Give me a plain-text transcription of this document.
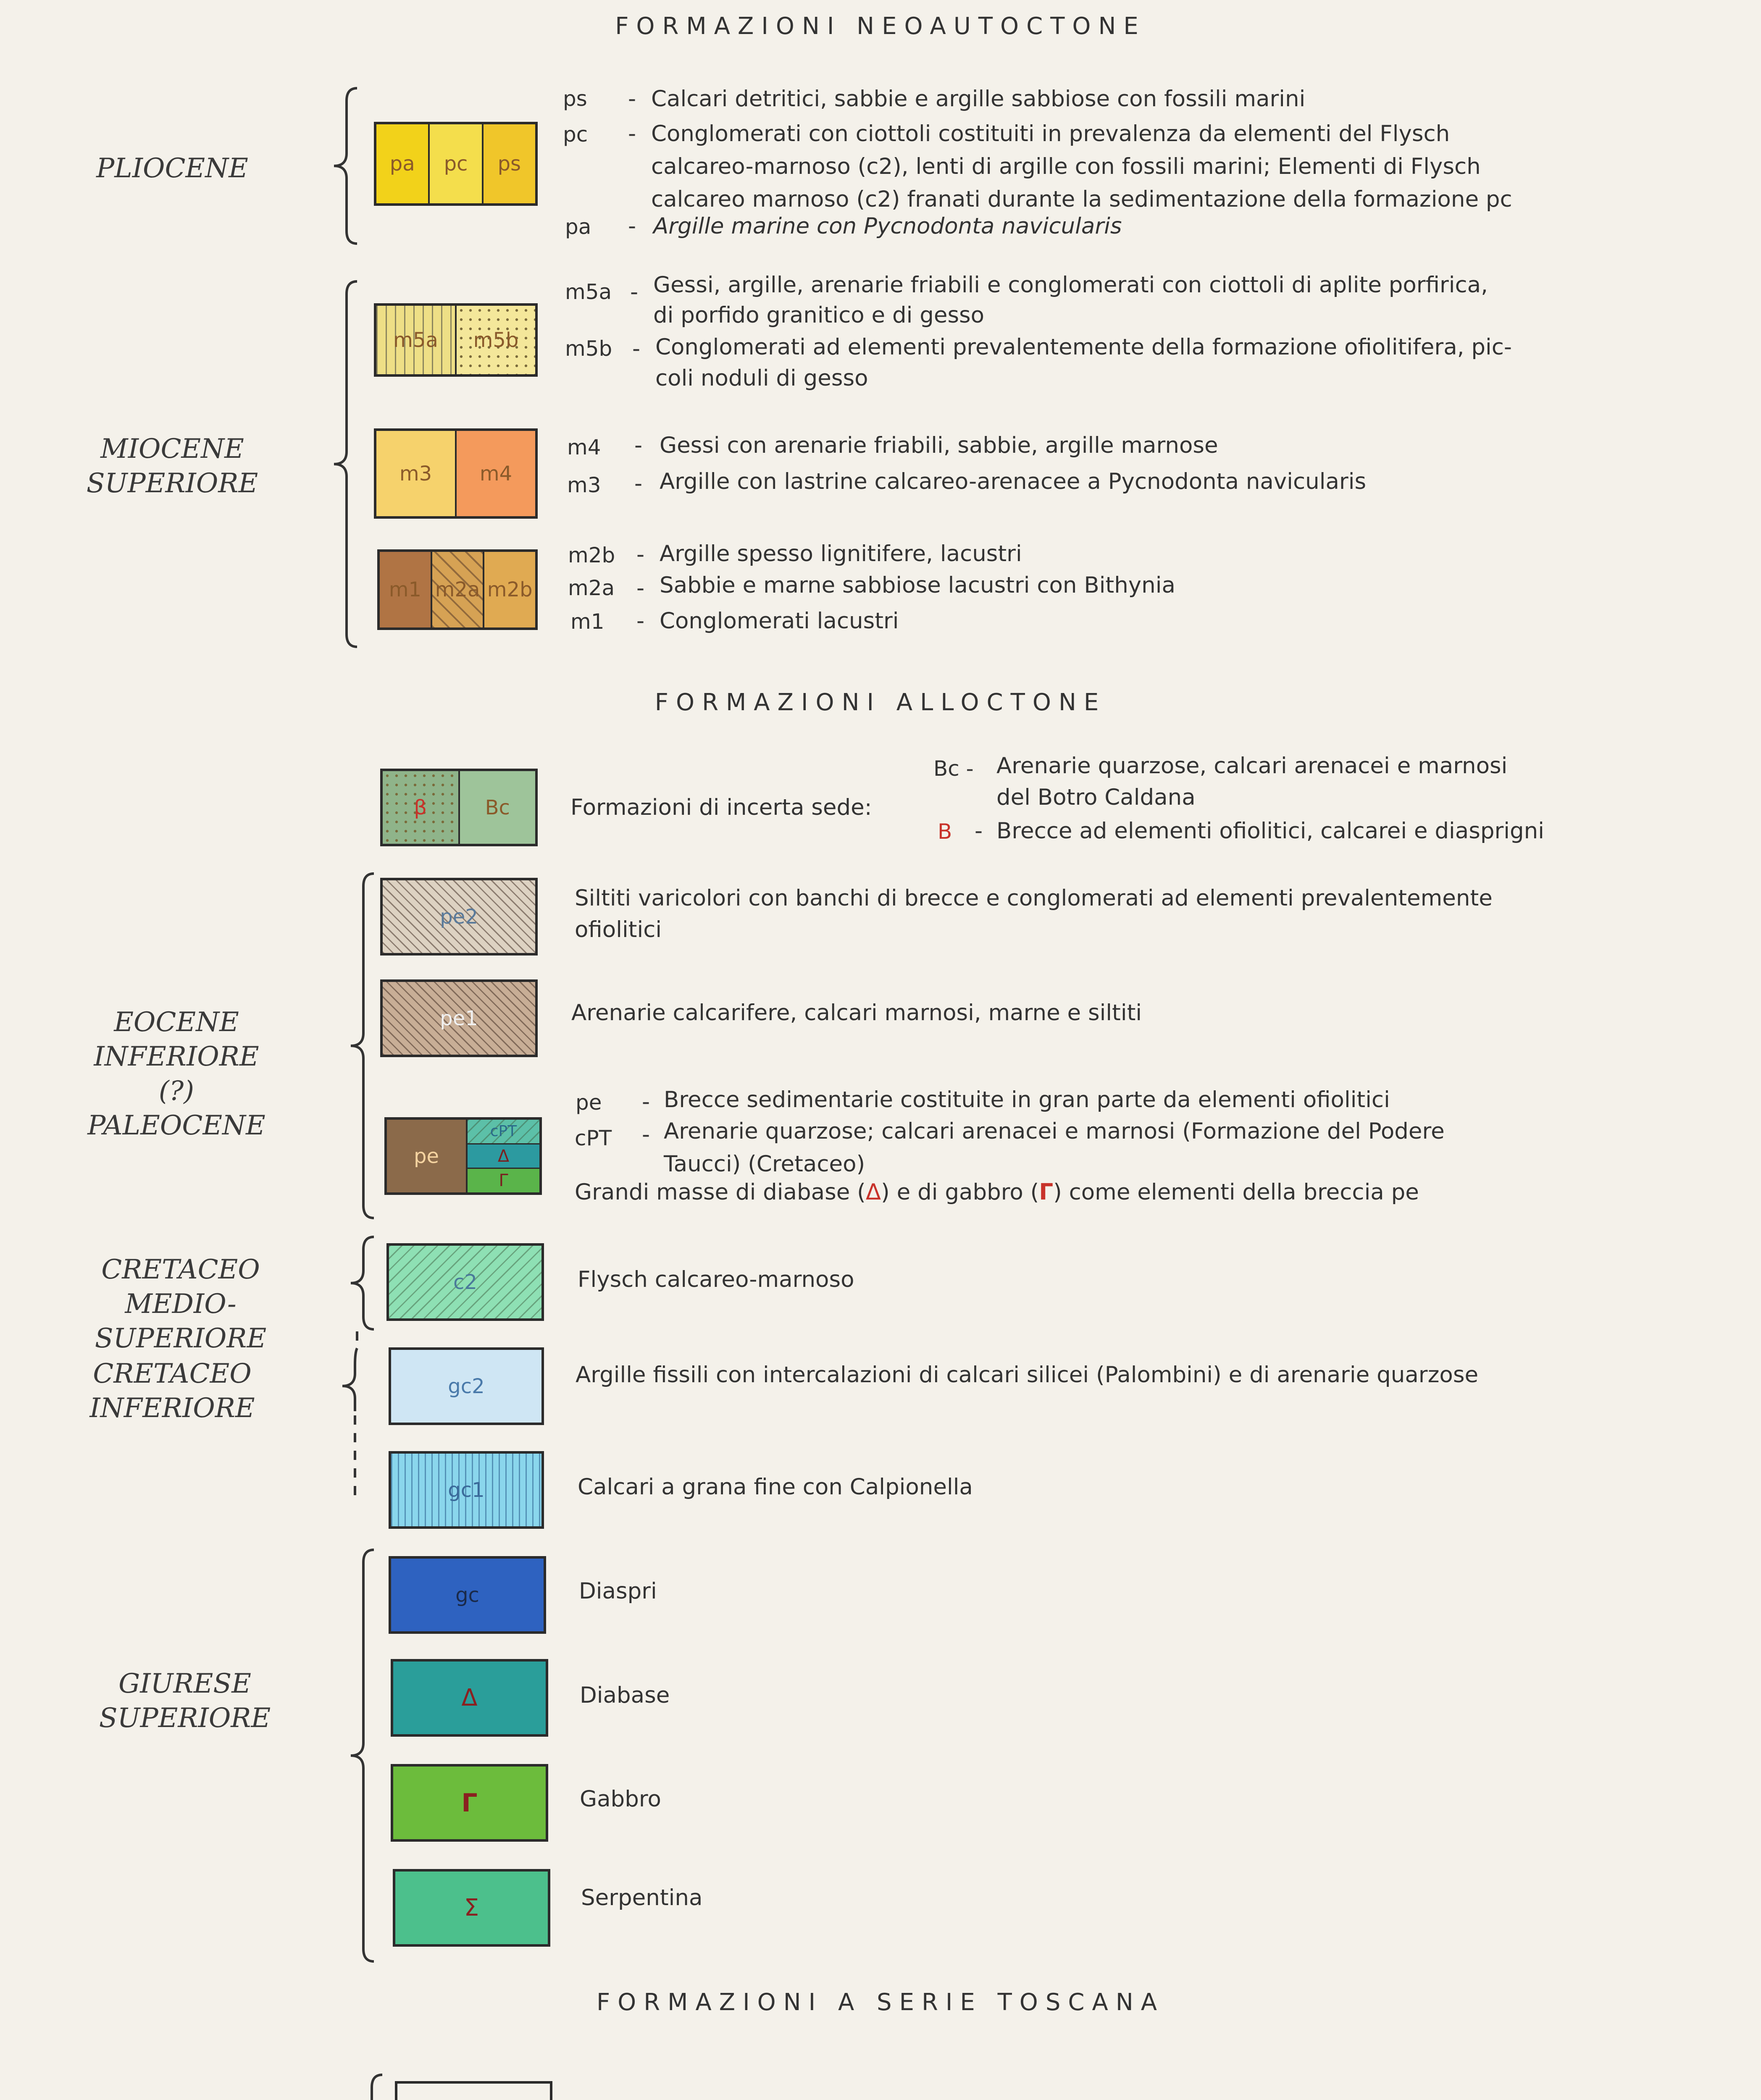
FORMAZIONI NEOAUTOCTONE
FORMAZIONI ALLOCTONE
FORMAZIONI A SERIE TOSCANA
PLIOCENE
MIOCENE
SUPERIORE
EOCENE
INFERIORE (?)
PALEOCENE
CRETACEO
MEDIO-SUPERIORE
CRETACEO
INFERIORE
GIURESE
SUPERIORE
pa	pc	ps
ps - Calcari detritici, sabbie e argille sabbiose con fossili marini
pc - Conglomerati con ciottoli costituiti in prevalenza da elementi del Flysch
calcareo-marnoso (c2), lenti di argille con fossili marini; Elementi di Flysch
calcareo marnoso (c2) franati durante la sedimentazione della formazione pc
pa - Argille marine con Pycnodonta navicularis
m5a	m5b
m5a - Gessi, argille, arenarie friabili e conglomerati con ciottoli di aplite porfirica,
di porfido granitico e di gesso
m5b - Conglomerati ad elementi prevalentemente della formazione ofiolitifera, pic-
coli noduli di gesso
m3	m4
m4 - Gessi con arenarie friabili, sabbie, argille marnose
m3 - Argille con lastrine calcareo-arenacee a Pycnodonta navicularis
m1 m2a m2b
m2b - Argille spesso lignitifere, lacustri
m2a - Sabbie e marne sabbiose lacustri con Bithynia
m1 - Conglomerati lacustri
β	Bc	Formazioni di incerta sede:
Bc - Arenarie quarzose, calcari arenacei e marnosi
del Botro Caldana
B - Brecce ad elementi ofiolitici, calcarei e diasprigni
pe2
Siltiti varicolori con banchi di brecce e conglomerati ad elementi prevalentemente
ofiolitici
pe1	Arenarie calcarifere, calcari marnosi, marne e siltiti
pe
cPT
Δ
Γ
pe - Brecce sedimentarie costituite in gran parte da elementi ofiolitici
cPT - Arenarie quarzose; calcari arenacei e marnosi (Formazione del Podere
Taucci) (Cretaceo)
Grandi masse di diabase (Δ) e di gabbro (Γ) come elementi della breccia pe
c2	Flysch calcareo-marnoso
gc2	Argille fissili con intercalazioni di calcari silicei (Palombini) e di arenarie quarzose
gc1	Calcari a grana fine con Calpionella
gc	Diaspri
Δ	Diabase
Γ	Gabbro
Σ	Serpentina
